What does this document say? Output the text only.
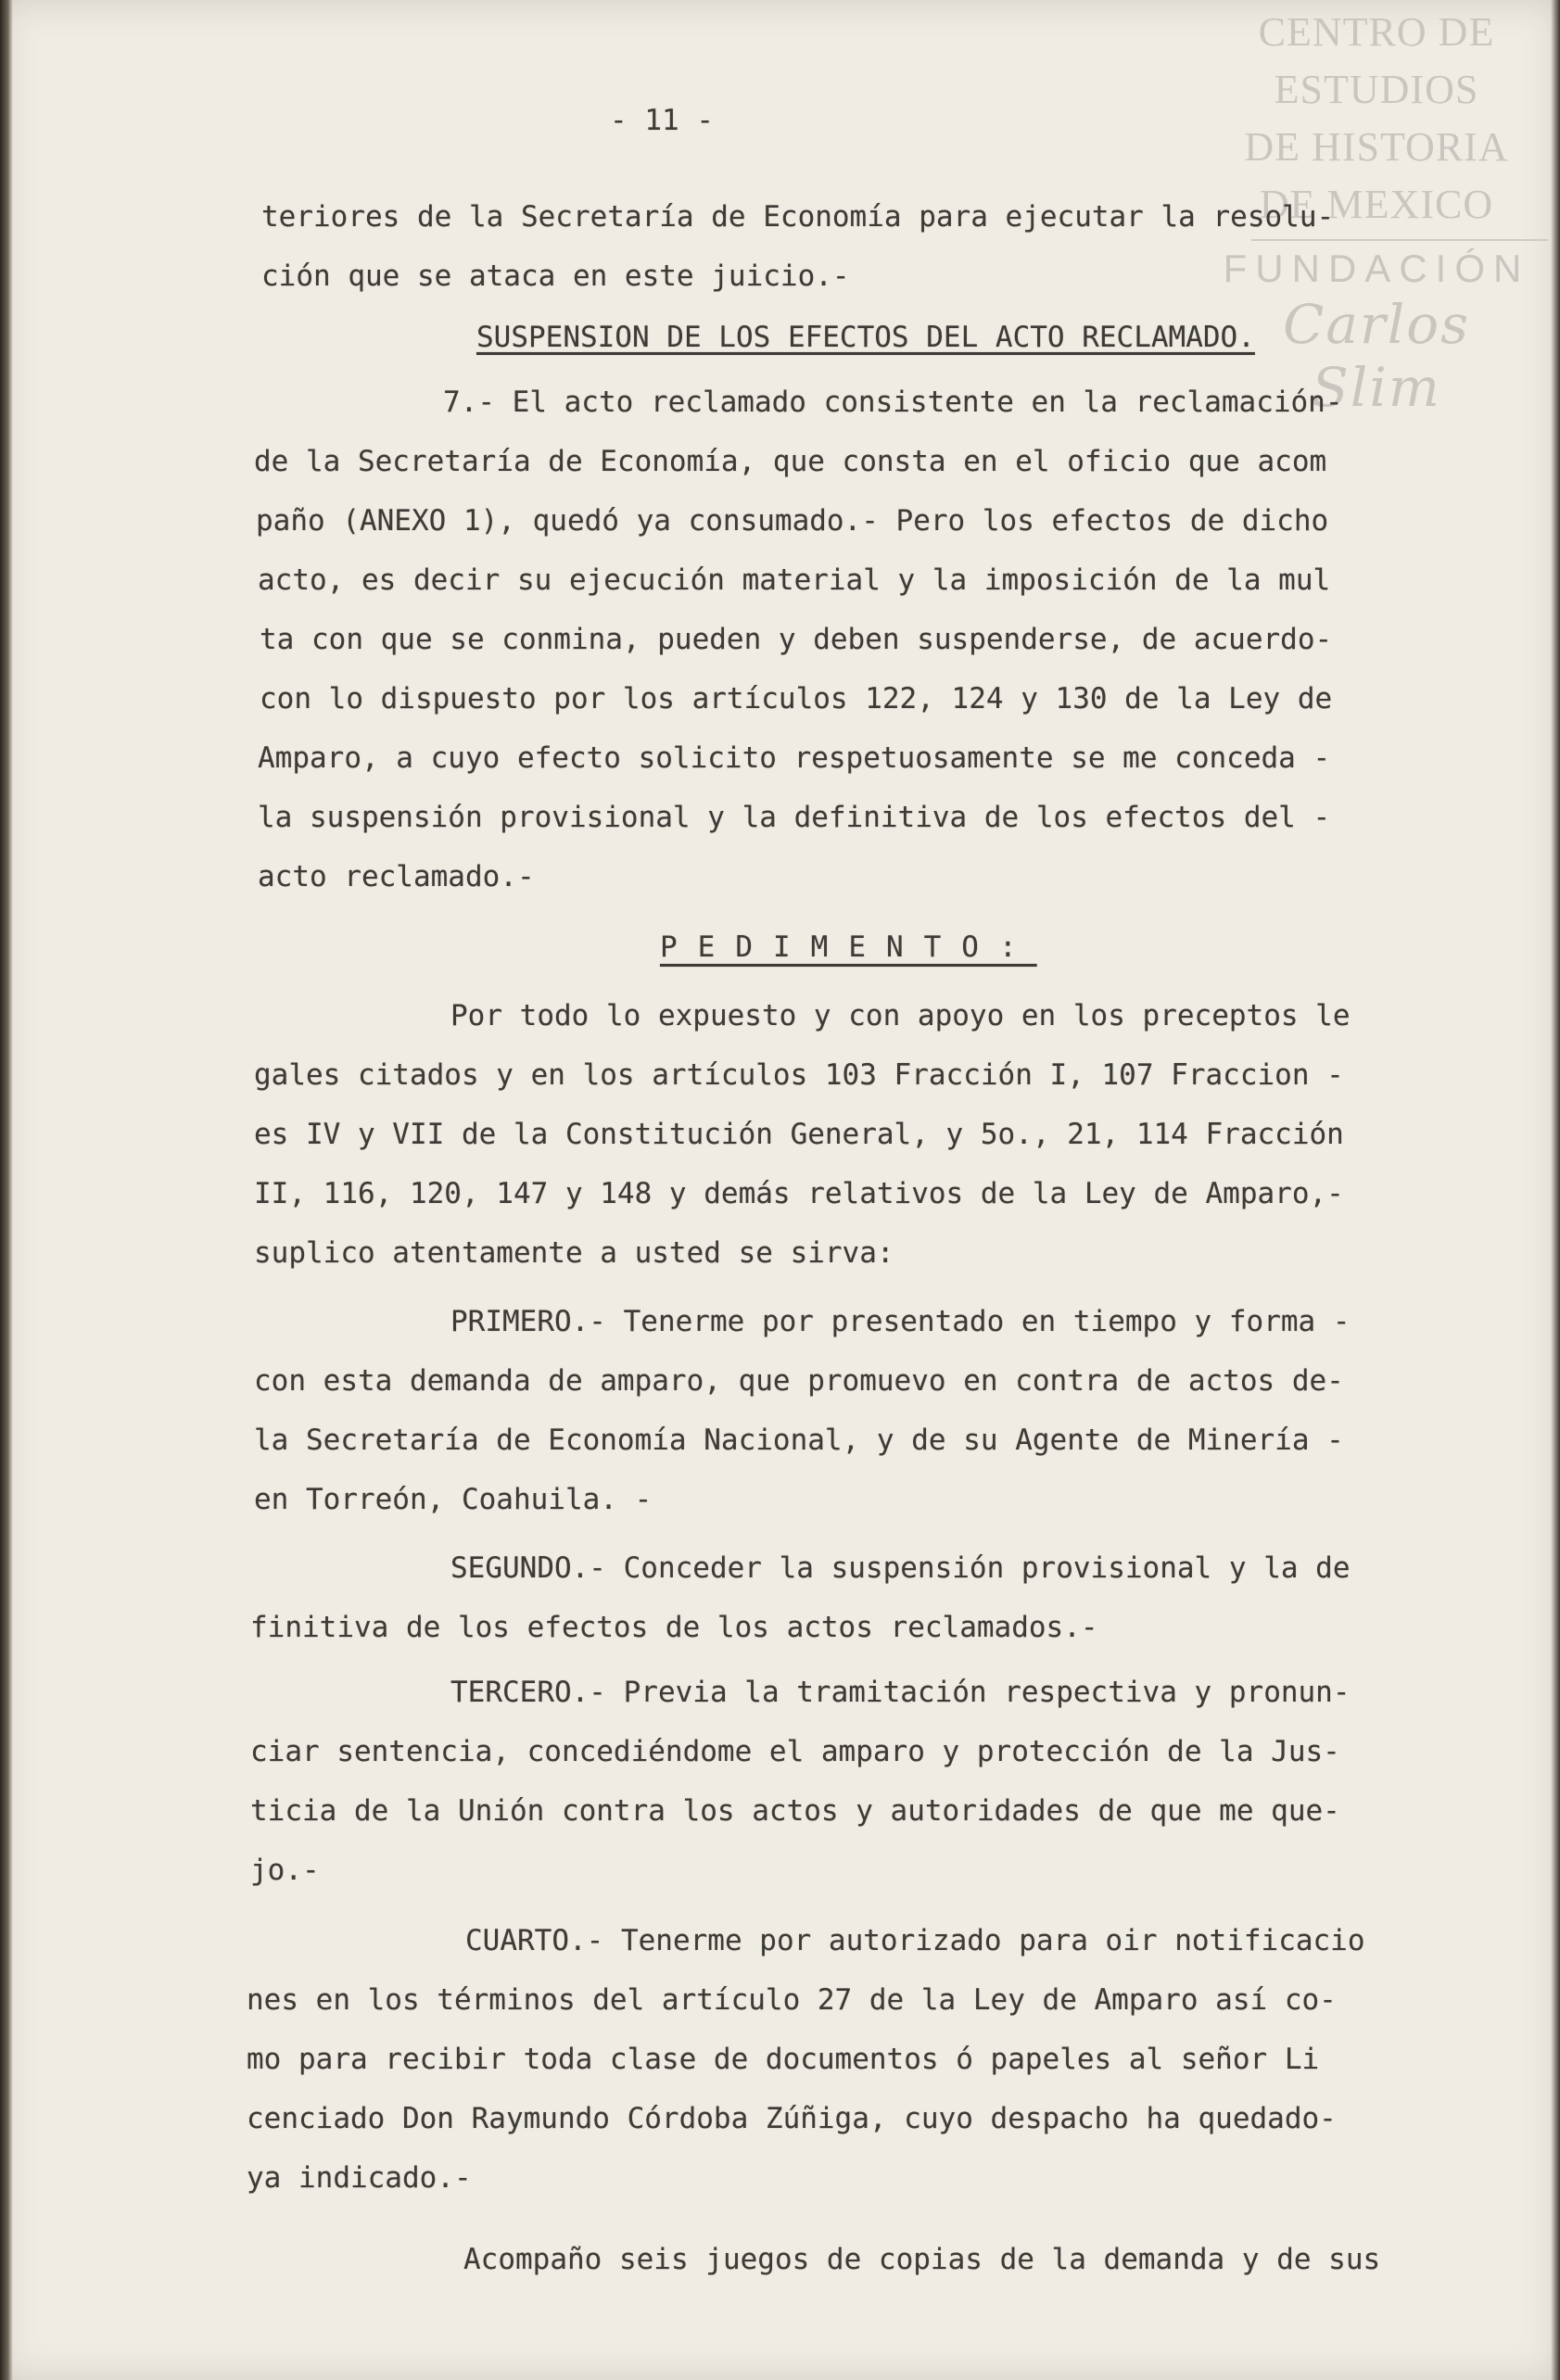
CENTRO DE
ESTUDIOS
DE HISTORIA
DE MEXICO
FUNDACIÓN
Carlos Slim
- 11 -
teriores de la Secretaría de Economía para ejecutar la resolu-
ción que se ataca en este juicio.-
SUSPENSION DE LOS EFECTOS DEL ACTO RECLAMADO.
7.- El acto reclamado consistente en la reclamación-
de la Secretaría de Economía, que consta en el oficio que acom
paño (ANEXO 1), quedó ya consumado.- Pero los efectos de dicho
acto, es decir su ejecución material y la imposición de la mul
ta con que se conmina, pueden y deben suspenderse, de acuerdo-
con lo dispuesto por los artículos 122, 124 y 130 de la Ley de
Amparo, a cuyo efecto solicito respetuosamente se me conceda -
la suspensión provisional y la definitiva de los efectos del -
acto reclamado.-
PEDIMENTO:
Por todo lo expuesto y con apoyo en los preceptos le
gales citados y en los artículos 103 Fracción I, 107 Fraccion -
es IV y VII de la Constitución General, y 5o., 21, 114 Fracción
II, 116, 120, 147 y 148 y demás relativos de la Ley de Amparo,-
suplico atentamente a usted se sirva:
PRIMERO.- Tenerme por presentado en tiempo y forma -
con esta demanda de amparo, que promuevo en contra de actos de-
la Secretaría de Economía Nacional, y de su Agente de Minería -
en Torreón, Coahuila. -
SEGUNDO.- Conceder la suspensión provisional y la de
finitiva de los efectos de los actos reclamados.-
TERCERO.- Previa la tramitación respectiva y pronun-
ciar sentencia, concediéndome el amparo y protección de la Jus-
ticia de la Unión contra los actos y autoridades de que me que-
jo.-
CUARTO.- Tenerme por autorizado para oir notificacio
nes en los términos del artículo 27 de la Ley de Amparo así co-
mo para recibir toda clase de documentos ó papeles al señor Li
cenciado Don Raymundo Córdoba Zúñiga, cuyo despacho ha quedado-
ya indicado.-
Acompaño seis juegos de copias de la demanda y de sus
